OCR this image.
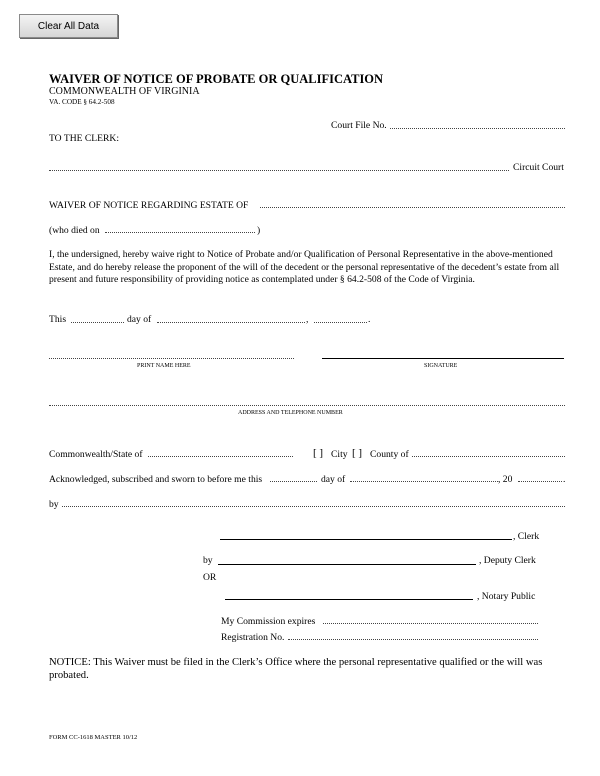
Clear All Data
WAIVER OF NOTICE OF PROBATE OR QUALIFICATION
COMMONWEALTH OF VIRGINIA
VA. CODE § 64.2-508
Court File No.
TO THE CLERK:
Circuit Court
WAIVER OF NOTICE REGARDING ESTATE OF
(who died on	)
I, the undersigned, hereby waive right to Notice of Probate and/or Qualification of Personal Representative in the above-mentioned Estate, and do hereby release the proponent of the will of the decedent or the personal representative of the decedent’s estate from all present and future responsibility of providing notice as contemplated under § 64.2-508 of the Code of Virginia.
This	day of	,	.
PRINT NAME HERE	SIGNATURE
ADDRESS AND TELEPHONE NUMBER
Commonwealth/State of	[ ] City [ ] County of
Acknowledged, subscribed and sworn to before me this	day of	, 20	.
by
, Clerk
by	, Deputy Clerk
OR
, Notary Public
My Commission expires
Registration No.
NOTICE: This Waiver must be filed in the Clerk’s Office where the personal representative qualified or the will was probated.
FORM CC-1618 MASTER 10/12
